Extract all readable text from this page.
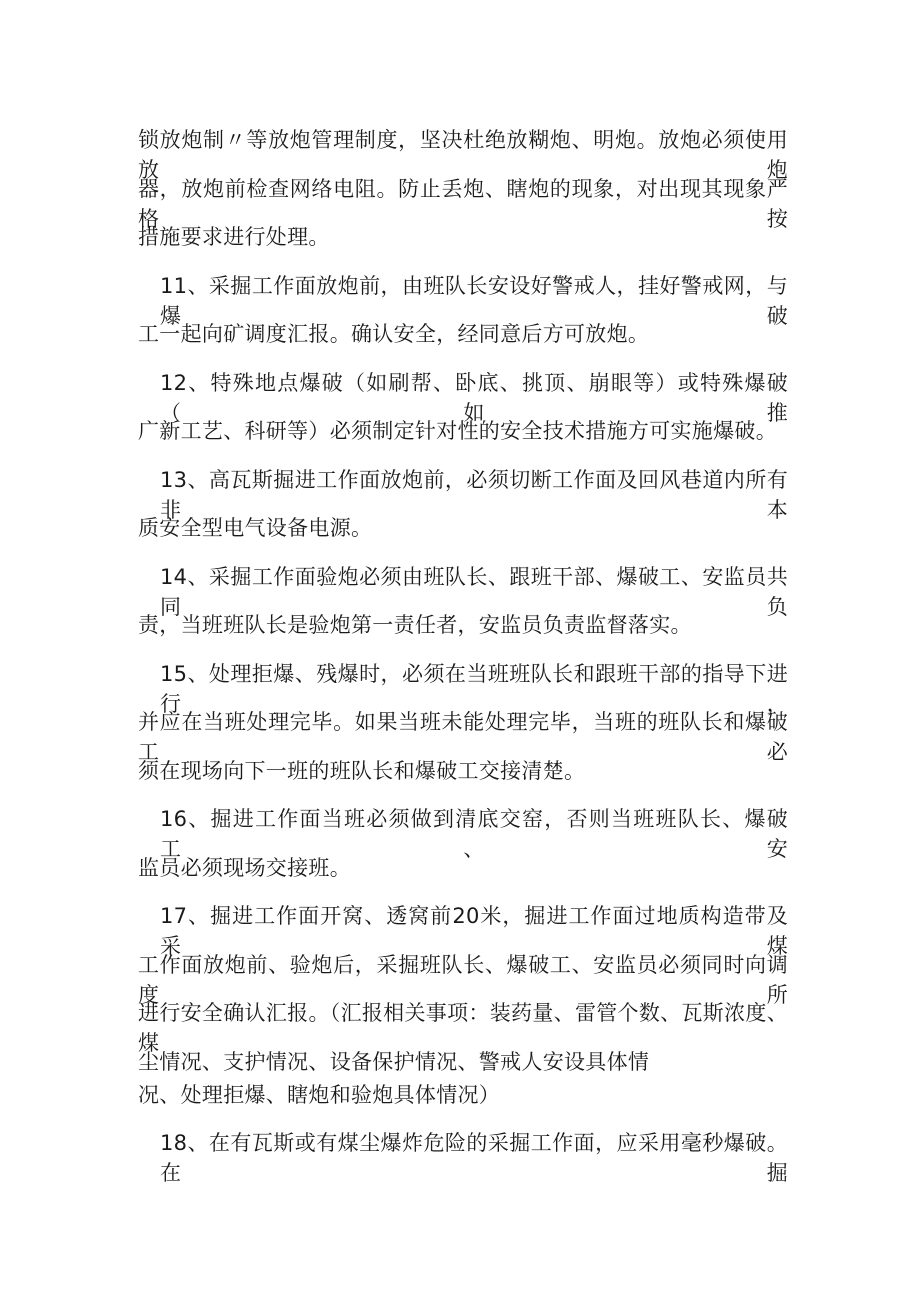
锁放炮制〃等放炮管理制度，坚决杜绝放糊炮、明炮。放炮必须使用放炮
器，放炮前检查网络电阻。防止丢炮、瞎炮的现象，对出现其现象严格按
措施要求进行处理。
11、采掘工作面放炮前，由班队长安设好警戒人，挂好警戒网，与爆破
工一起向矿调度汇报。确认安全，经同意后方可放炮。
12、特殊地点爆破（如刷帮、卧底、挑顶、崩眼等）或特殊爆破（如推
广新工艺、科研等）必须制定针对性的安全技术措施方可实施爆破。
13、高瓦斯掘进工作面放炮前，必须切断工作面及回风巷道内所有非本
质安全型电气设备电源。
14、采掘工作面验炮必须由班队长、跟班干部、爆破工、安监员共同负
责，当班班队长是验炮第一责任者，安监员负责监督落实。
15、处理拒爆、残爆时，必须在当班班队长和跟班干部的指导下进行，
并应在当班处理完毕。如果当班未能处理完毕，当班的班队长和爆破工必
须在现场向下一班的班队长和爆破工交接清楚。
16、掘进工作面当班必须做到清底交窑，否则当班班队长、爆破工、安
监员必须现场交接班。
17、掘进工作面开窝、透窝前20米，掘进工作面过地质构造带及采煤
工作面放炮前、验炮后，采掘班队长、爆破工、安监员必须同时向调度所
进行安全确认汇报。（汇报相关事项：装药量、雷管个数、瓦斯浓度、煤
尘情况、支护情况、设备保护情况、警戒人安设具体情
况、处理拒爆、瞎炮和验炮具体情况）
18、在有瓦斯或有煤尘爆炸危险的采掘工作面，应采用毫秒爆破。在掘
